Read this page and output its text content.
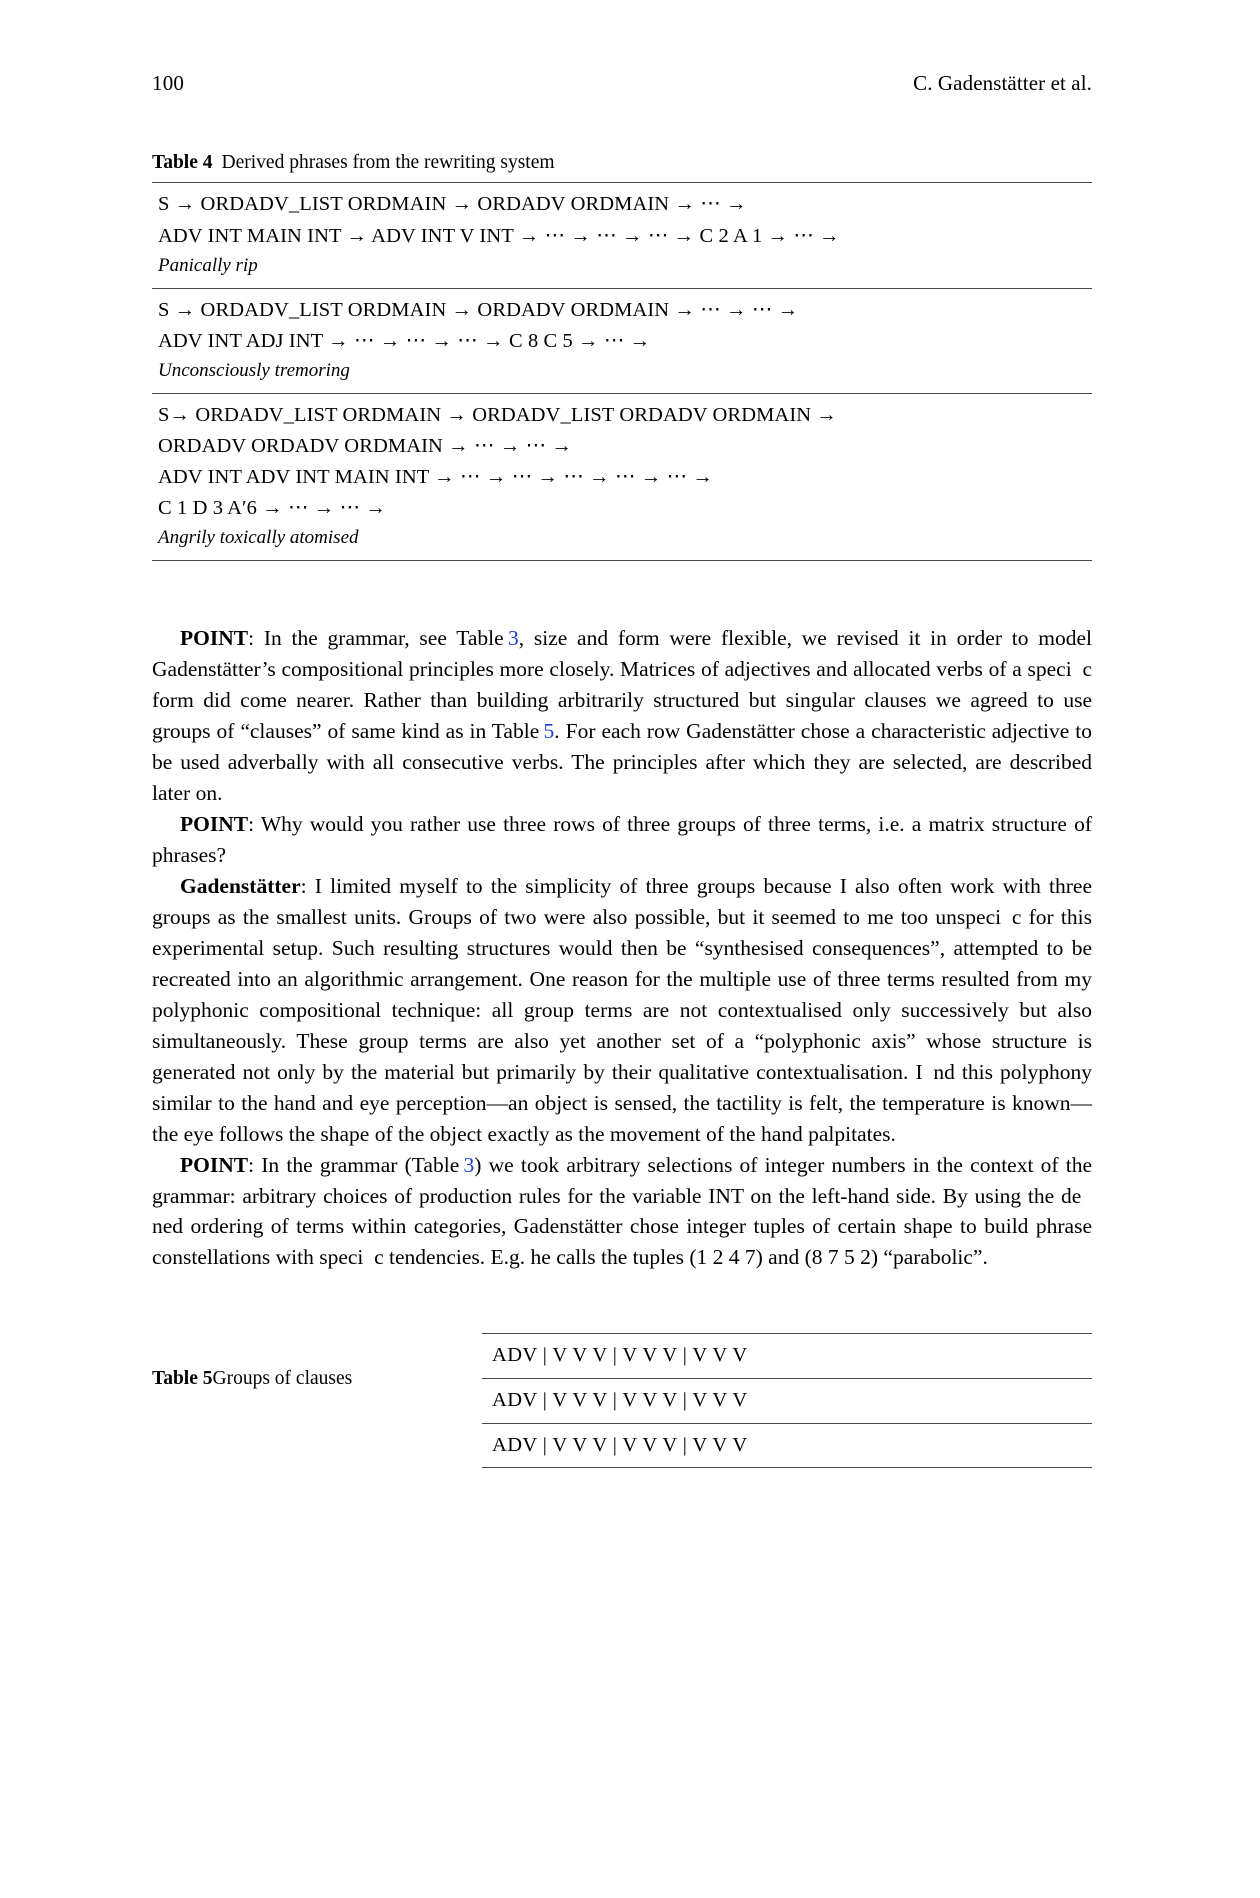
100	C. Gadenstätter et al.
Table 4 Derived phrases from the rewriting system
S → ORDADV_LIST ORDMAIN → ORDADV ORDMAIN → ⋯ →
ADV INT MAIN INT → ADV INT V INT → ⋯ → ⋯ → ⋯ → C 2 A 1 → ⋯ →
Panically rip

S → ORDADV_LIST ORDMAIN → ORDADV ORDMAIN → ⋯ → ⋯ →
ADV INT ADJ INT → ⋯ → ⋯ → ⋯ → C 8 C 5 → ⋯ →
Unconsciously tremoring

S→ ORDADV_LIST ORDMAIN → ORDADV_LIST ORDADV ORDMAIN →
ORDADV ORDADV ORDMAIN → ⋯ → ⋯ →
ADV INT ADV INT MAIN INT → ⋯ → ⋯ → ⋯ → ⋯ → ⋯ →
C 1 D 3 A′6 → ⋯ → ⋯ →
Angrily toxically atomised

POINT: In the grammar, see Table 3, size and form were flexible, we revised it in order to model Gadenstätter’s compositional principles more closely. Matrices of adjectives and allocated verbs of a speci c form did come nearer. Rather than building arbitrarily structured but singular clauses we agreed to use groups of “clauses” of same kind as in Table 5. For each row Gadenstätter chose a characteristic adjective to be used adverbally with all consecutive verbs. The principles after which they are selected, are described later on.

POINT: Why would you rather use three rows of three groups of three terms, i.e. a matrix structure of phrases?

Gadenstätter: I limited myself to the simplicity of three groups because I also often work with three groups as the smallest units. Groups of two were also possible, but it seemed to me too unspeci c for this experimental setup. Such resulting structures would then be “synthesised consequences”, attempted to be recreated into an algorithmic arrangement. One reason for the multiple use of three terms resulted from my polyphonic compositional technique: all group terms are not contextualised only successively but also simultaneously. These group terms are also yet another set of a “polyphonic axis” whose structure is generated not only by the material but primarily by their qualitative contextualisation. I nd this polyphony similar to the hand and eye perception—an object is sensed, the tactility is felt, the temperature is known—the eye follows the shape of the object exactly as the movement of the hand palpitates.

POINT: In the grammar (Table 3) we took arbitrary selections of integer numbers in the context of the grammar: arbitrary choices of production rules for the variable INT on the left-hand side. By using the de ned ordering of terms within categories, Gadenstätter chose integer tuples of certain shape to build phrase constellations with speci c tendencies. E.g. he calls the tuples (1 2 4 7) and (8 7 5 2) “parabolic”.

Table 5Groups of clauses
ADV | V V V | V V V | V V V
ADV | V V V | V V V | V V V
ADV | V V V | V V V | V V V
